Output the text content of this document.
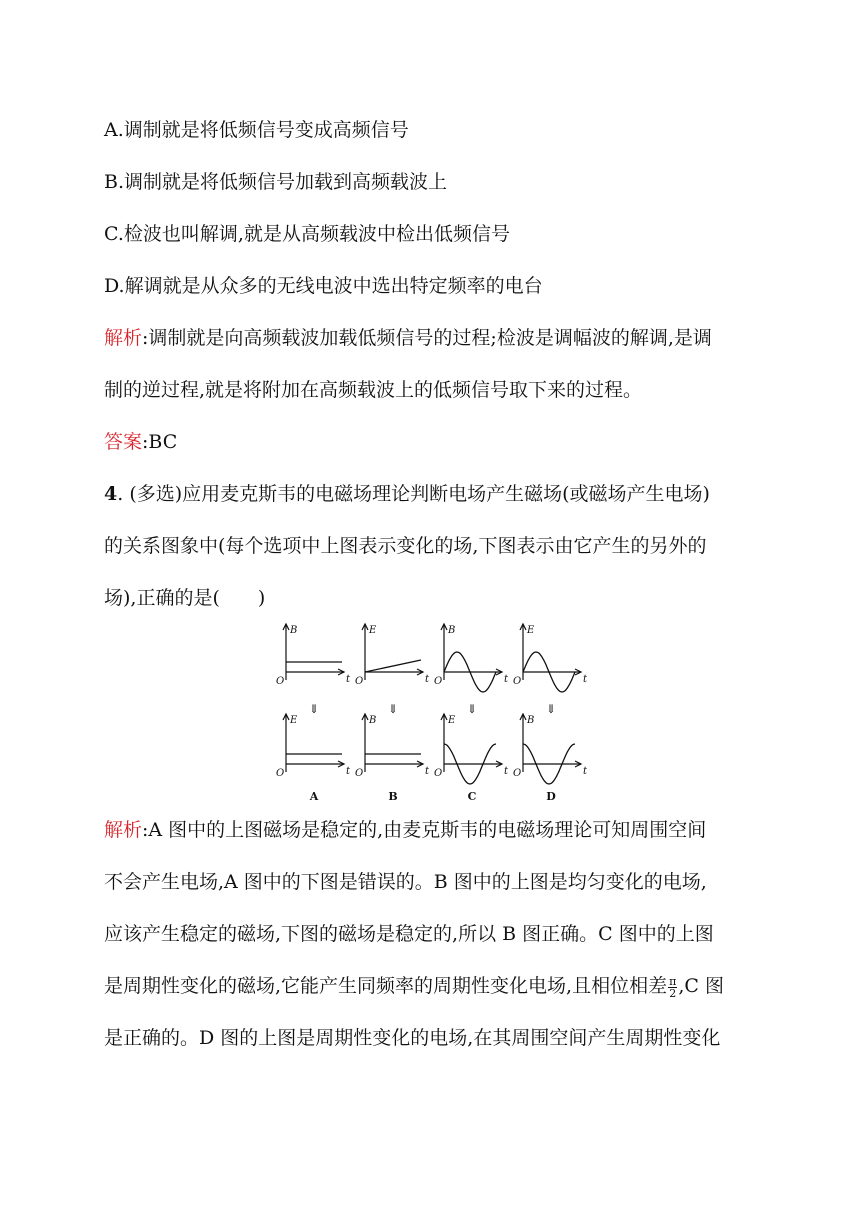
A.调制就是将低频信号变成高频信号
B.调制就是将低频信号加载到高频载波上
C.检波也叫解调,就是从高频载波中检出低频信号
D.解调就是从众多的无线电波中选出特定频率的电台
解析:调制就是向高频载波加载低频信号的过程;检波是调幅波的解调,是调
制的逆过程,就是将附加在高频载波上的低频信号取下来的过程。
答案:BC
4. (多选)应用麦克斯韦的电磁场理论判断电场产生磁场(或磁场产生电场)
的关系图象中(每个选项中上图表示变化的场,下图表示由它产生的另外的
场),正确的是(　　)
B
O	t
⇓
E
O	t
A
E
O	t
⇓
B
O	t
B
B
O	t
⇓
E
O	t
C
E
O	t
⇓
B
O	t
D
解析:A 图中的上图磁场是稳定的,由麦克斯韦的电磁场理论可知周围空间
不会产生电场,A 图中的下图是错误的。B 图中的上图是均匀变化的电场,
应该产生稳定的磁场,下图的磁场是稳定的,所以 B 图正确。C 图中的上图
是周期性变化的磁场,它能产生同频率的周期性变化电场,且相位相差 $\frac{\pi}{2} ,C$ 图
是正确的。D 图的上图是周期性变化的电场,在其周围空间产生周期性变化
